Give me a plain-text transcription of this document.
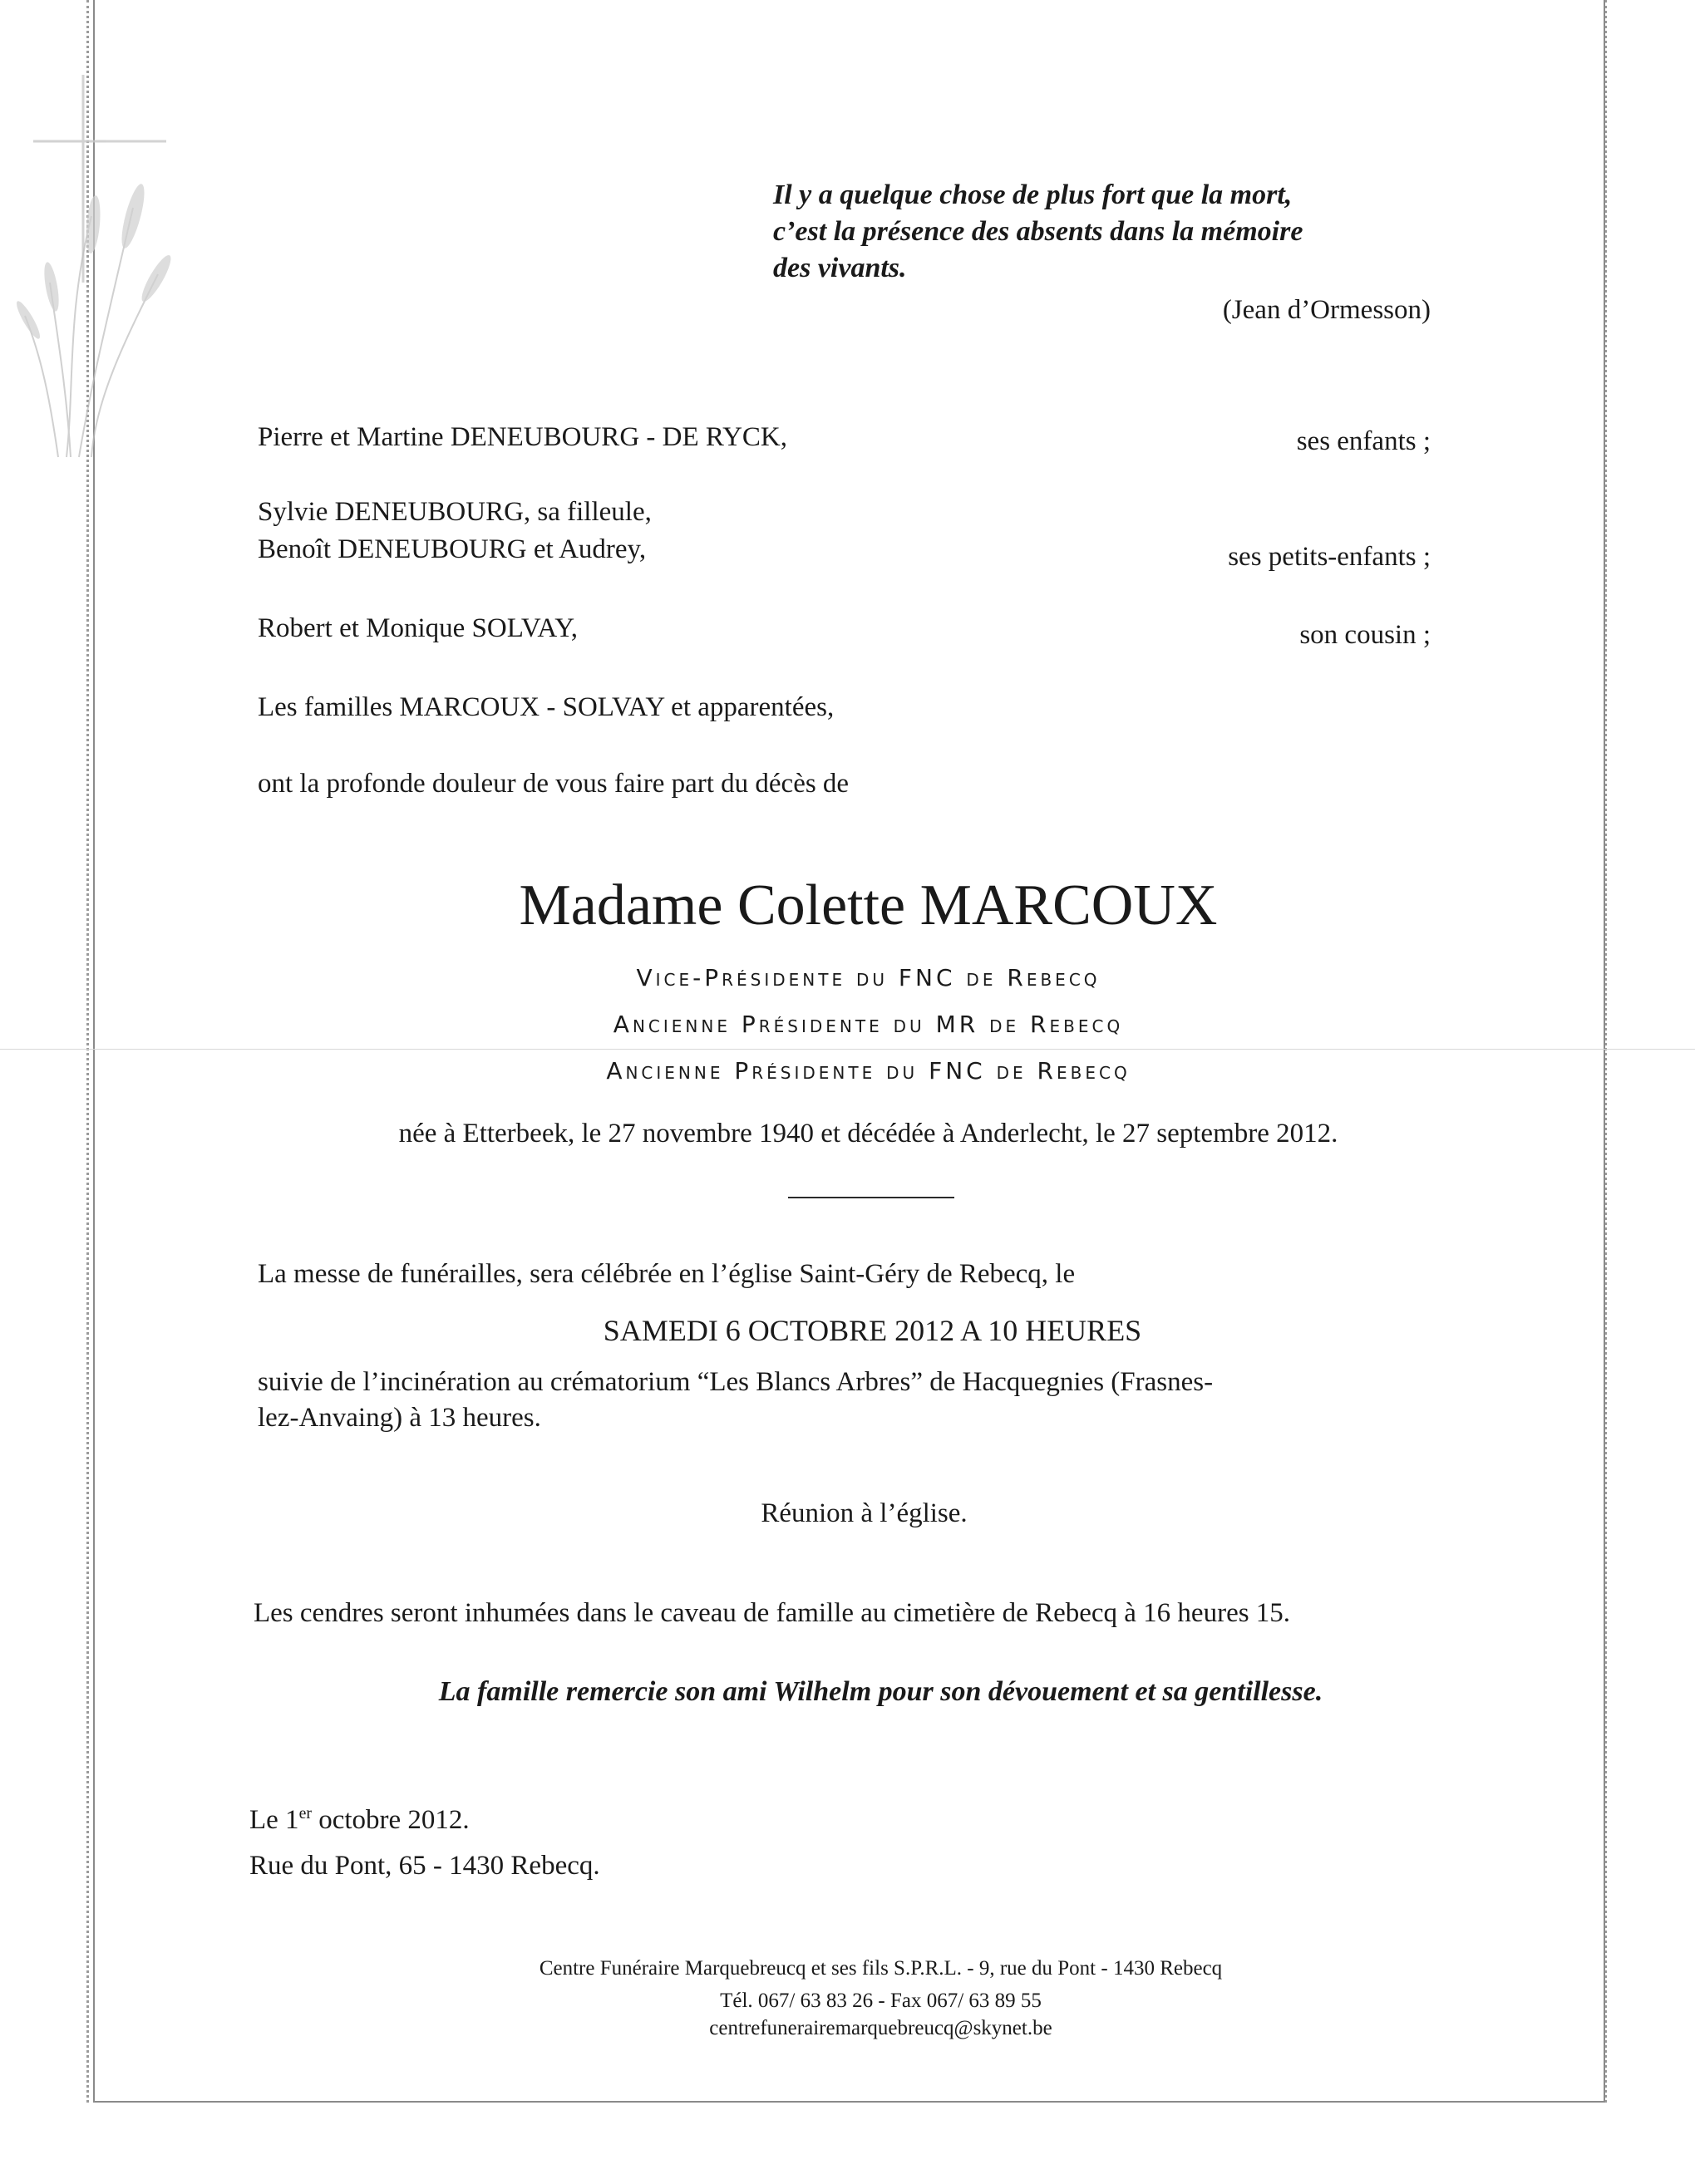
Il y a quelque chose de plus fort que la mort,
c’est la présence des absents dans la mémoire
des vivants.
(Jean d’Ormesson)
Pierre et Martine DENEUBOURG - DE RYCK,	ses enfants ;
Sylvie DENEUBOURG, sa filleule,
Benoît DENEUBOURG et Audrey,	ses petits-enfants ;
Robert et Monique SOLVAY,	son cousin ;
Les familles MARCOUX - SOLVAY et apparentées,
ont la profonde douleur de vous faire part du décès de
Madame Colette MARCOUX
Vice-Présidente du FNC de Rebecq
Ancienne Présidente du MR de Rebecq
Ancienne Présidente du FNC de Rebecq
née à Etterbeek, le 27 novembre 1940 et décédée à Anderlecht, le 27 septembre 2012.
La messe de funérailles, sera célébrée en l’église Saint-Géry de Rebecq, le
SAMEDI 6 OCTOBRE 2012 A 10 HEURES
suivie de l’incinération au crématorium “Les Blancs Arbres” de Hacquegnies (Frasnes-
lez-Anvaing) à 13 heures.
Réunion à l’église.
Les cendres seront inhumées dans le caveau de famille au cimetière de Rebecq à 16 heures 15.
La famille remercie son ami Wilhelm pour son dévouement et sa gentillesse.
Le 1er octobre 2012.
Rue du Pont, 65 - 1430 Rebecq.
Centre Funéraire Marquebreucq et ses fils S.P.R.L. - 9, rue du Pont - 1430 Rebecq
Tél. 067/ 63 83 26 - Fax 067/ 63 89 55
centrefunerairemarquebreucq@skynet.be
